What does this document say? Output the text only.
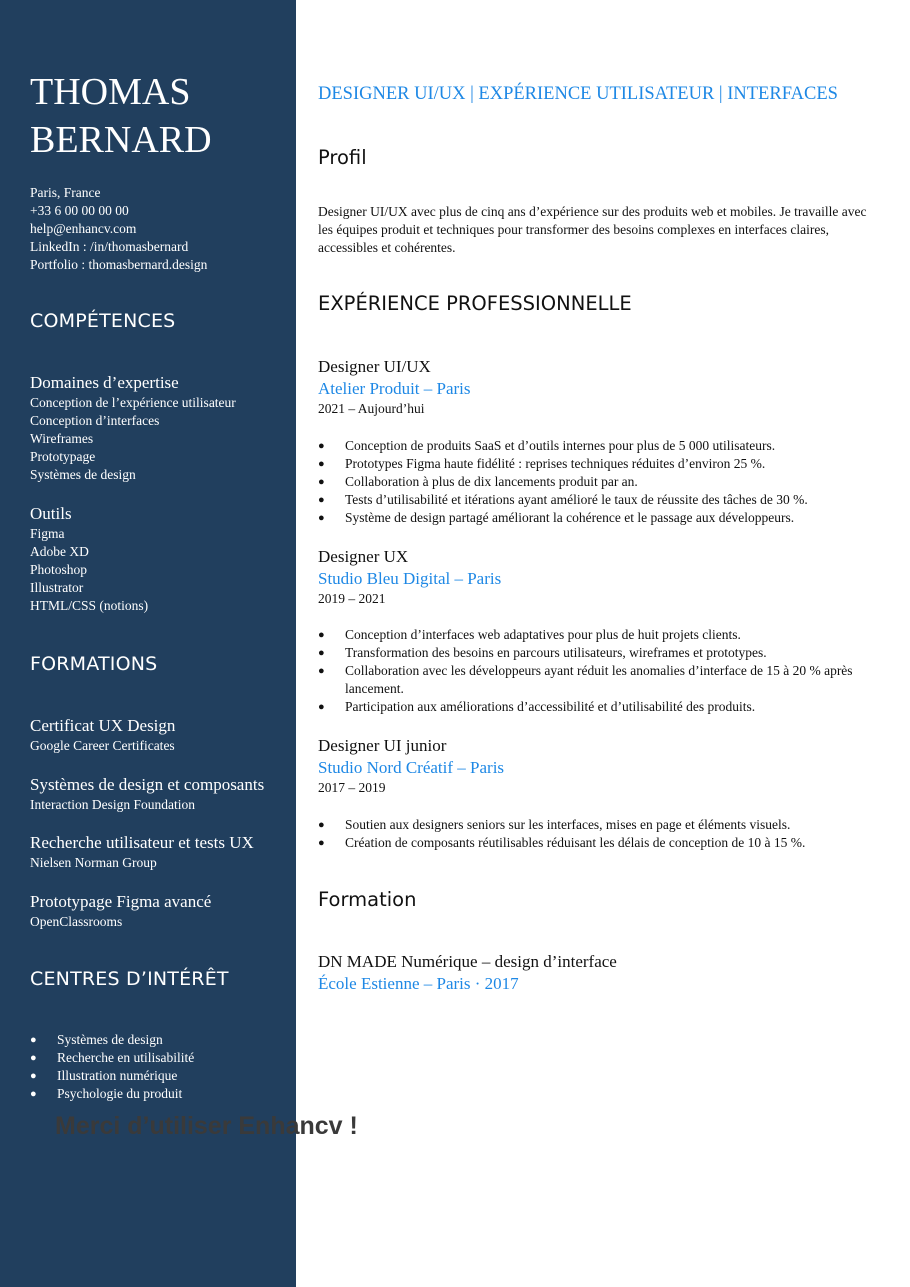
THOMAS
BERNARD
Paris, France
+33 6 00 00 00 00
help@enhancv.com
LinkedIn : /in/thomasbernard
Portfolio : thomasbernard.design
COMPÉTENCES
Domaines d’expertise
Conception de l’expérience utilisateur
Conception d’interfaces
Wireframes
Prototypage
Systèmes de design
Outils
Figma
Adobe XD
Photoshop
Illustrator
HTML/CSS (notions)
FORMATIONS
Certificat UX Design
Google Career Certificates
Systèmes de design et composants
Interaction Design Foundation
Recherche utilisateur et tests UX
Nielsen Norman Group
Prototypage Figma avancé
OpenClassrooms
CENTRES D’INTÉRÊT
● Systèmes de design
● Recherche en utilisabilité
● Illustration numérique
● Psychologie du produit
DESIGNER UI/UX | EXPÉRIENCE UTILISATEUR | INTERFACES
Profil
Designer UI/UX avec plus de cinq ans d’expérience sur des produits web et mobiles. Je travaille avec les équipes produit et techniques pour transformer des besoins complexes en interfaces claires, accessibles et cohérentes.
EXPÉRIENCE PROFESSIONNELLE
Designer UI/UX
Atelier Produit – Paris
2021 – Aujourd’hui
● Conception de produits SaaS et d’outils internes pour plus de 5 000 utilisateurs.
● Prototypes Figma haute fidélité : reprises techniques réduites d’environ 25 %.
● Collaboration à plus de dix lancements produit par an.
● Tests d’utilisabilité et itérations ayant amélioré le taux de réussite des tâches de 30 %.
● Système de design partagé améliorant la cohérence et le passage aux développeurs.
Designer UX
Studio Bleu Digital – Paris
2019 – 2021
● Conception d’interfaces web adaptatives pour plus de huit projets clients.
● Transformation des besoins en parcours utilisateurs, wireframes et prototypes.
● Collaboration avec les développeurs ayant réduit les anomalies d’interface de 15 à 20 % après lancement.
● Participation aux améliorations d’accessibilité et d’utilisabilité des produits.
Designer UI junior
Studio Nord Créatif – Paris
2017 – 2019
● Soutien aux designers seniors sur les interfaces, mises en page et éléments visuels.
● Création de composants réutilisables réduisant les délais de conception de 10 à 15 %.
Formation
DN MADE Numérique – design d’interface
École Estienne – Paris · 2017
Merci d’utiliser Enhancv !
